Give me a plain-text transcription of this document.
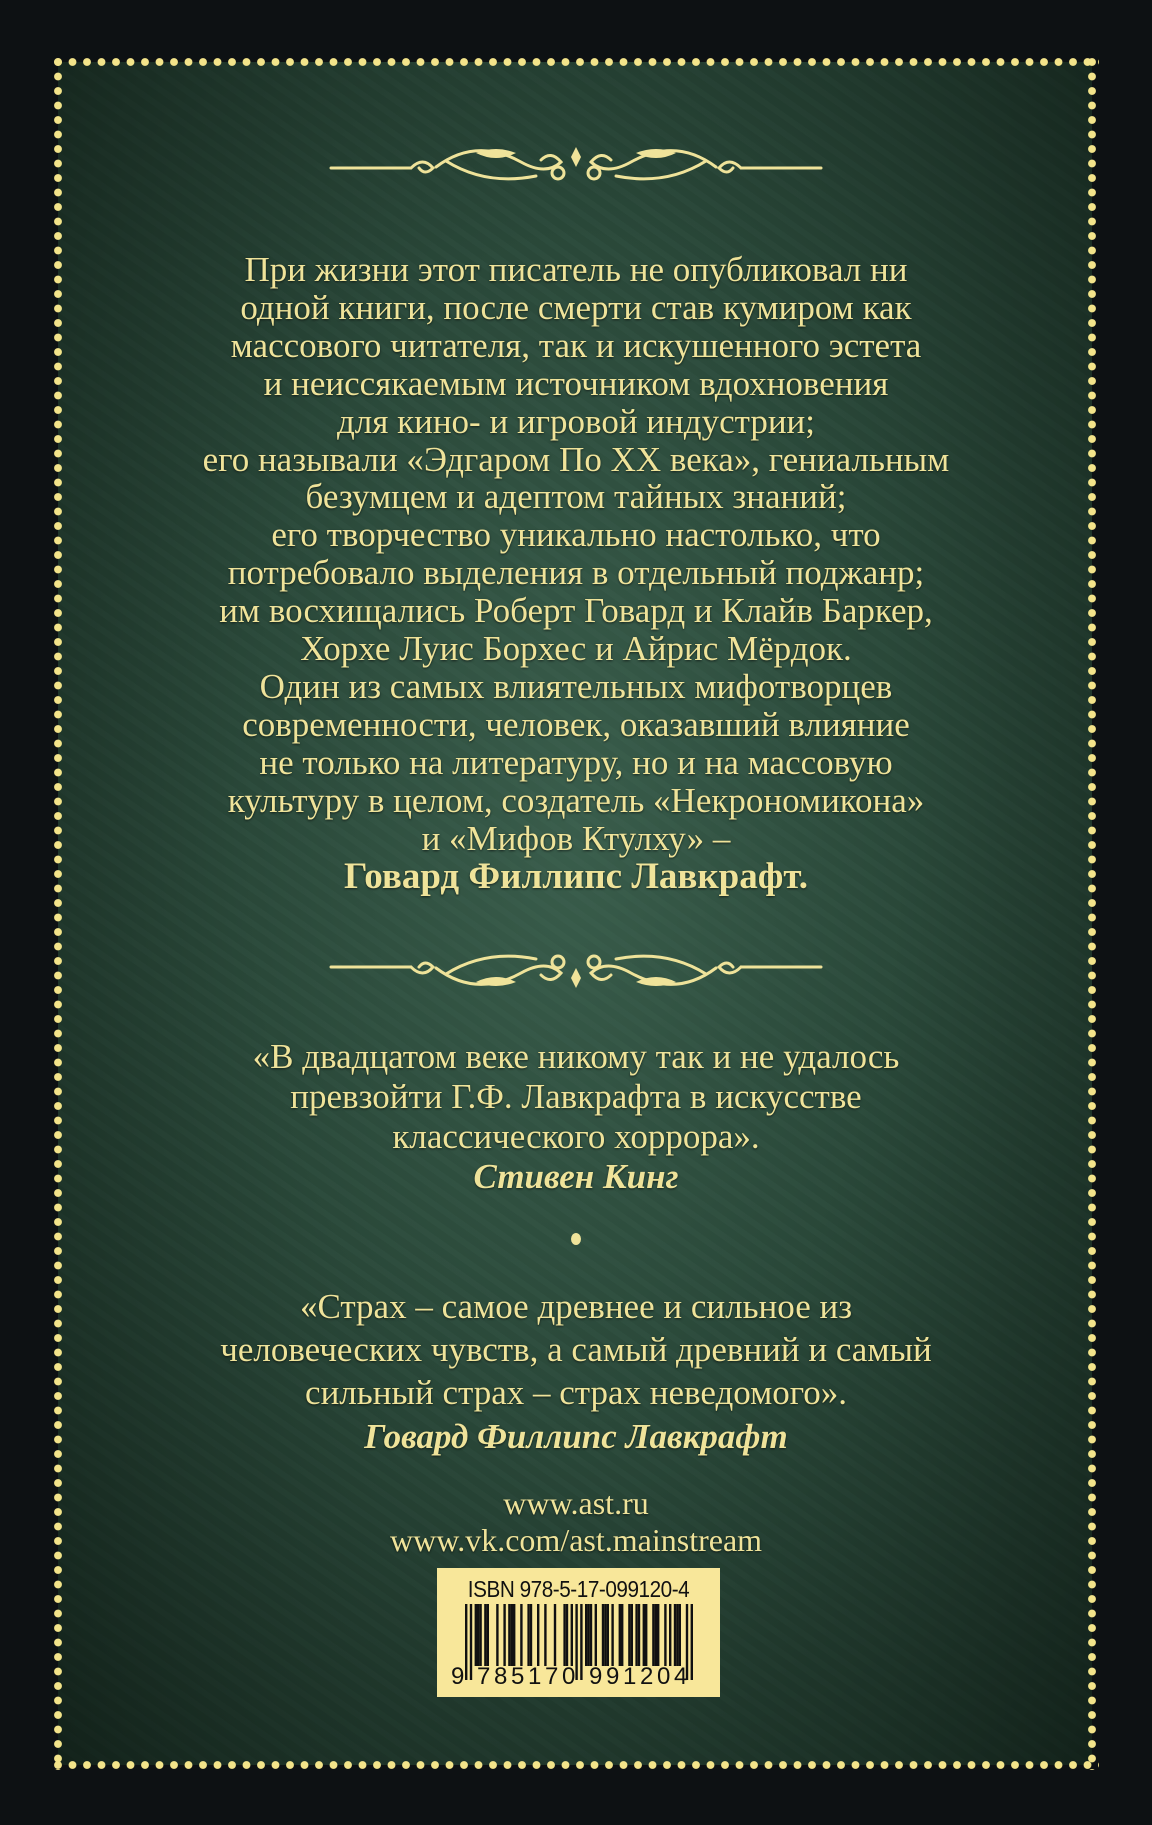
При жизни этот писатель не опубликовал ни
одной книги, после смерти став кумиром как
массового читателя, так и искушенного эстета
и неиссякаемым источником вдохновения
для кино- и игровой индустрии;
его называли «Эдгаром По XX века», гениальным
безумцем и адептом тайных знаний;
его творчество уникально настолько, что
потребовало выделения в отдельный поджанр;
им восхищались Роберт Говард и Клайв Баркер,
Хорхе Луис Борхес и Айрис Мёрдок.
Один из самых влиятельных мифотворцев
современности, человек, оказавший влияние
не только на литературу, но и на массовую
культуру в целом, создатель «Некрономикона»
и «Мифов Ктулху» –
Говард Филлипс Лавкрафт.
«В двадцатом веке никому так и не удалось
превзойти Г.Ф. Лавкрафта в искусстве
классического хоррора».
Стивен Кинг
«Страх – самое древнее и сильное из
человеческих чувств, а самый древний и самый
сильный страх – страх неведомого».
Говард Филлипс Лавкрафт
www.ast.ru
www.vk.com/ast.mainstream
ISBN 978-5-17-099120-4
9 7 8 5 1 7 0 9 9 1 2 0 4
